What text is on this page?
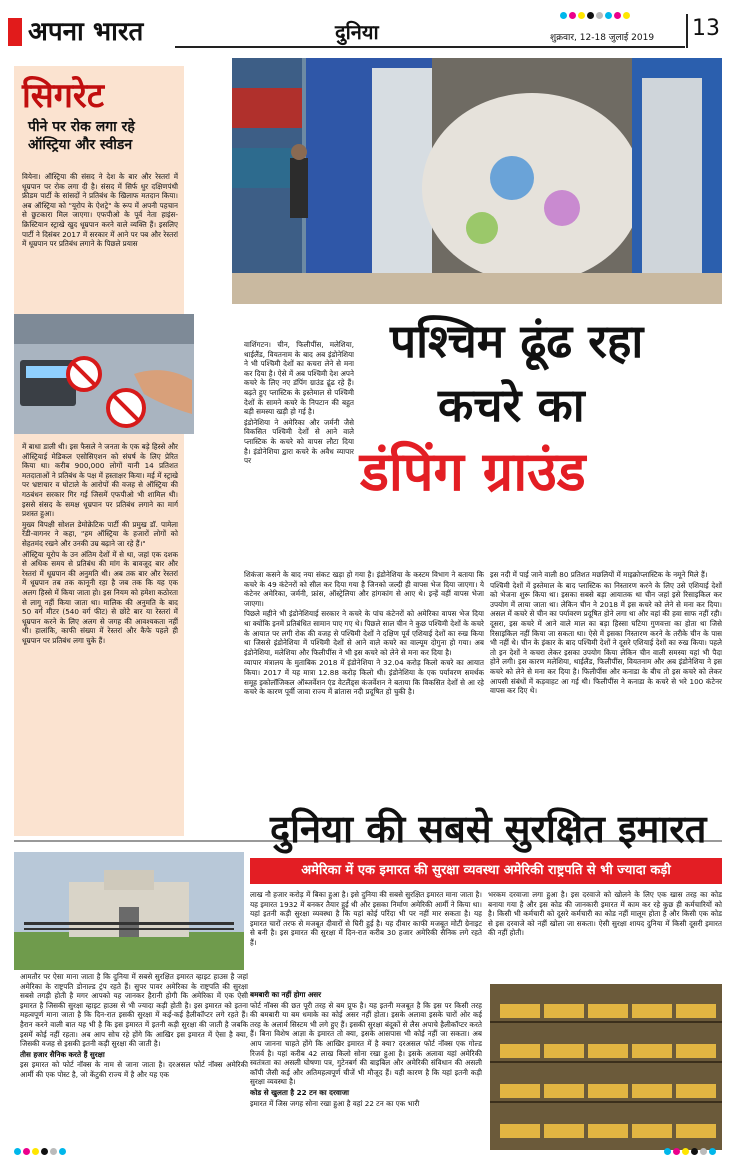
अपना भारत	दुनिया	शुक्रवार, 12-18 जुलाई 2019 13
सिगरेट
पीने पर रोक लगा रहे ऑस्ट्रिया और स्वीडन

वियेना। ऑस्ट्रिया की संसद ने देश के बार और रेस्तरां में धूम्रपान पर रोक लगा दी है। संसद में सिर्फ धुर दक्षिणपंथी फ्रीडम पार्टी के सांसदों ने प्रतिबंध के खिलाफ मतदान किया। अब ऑस्ट्रिया को "यूरोप के ऐशट्रे" के रूप में अपनी पहचान से छुटकारा मिल जाएगा। एफपीओ के पूर्व नेता हाइंस-क्रिस्टियान स्ट्राखे खुद धूम्रपान करने वाले व्यक्ति हैं। इसलिए पार्टी ने दिसंबर 2017 में सरकार में आने पर पब और रेस्तरां में धूम्रपान पर प्रतिबंध लगाने के पिछले प्रयास

में बाधा डाली थी। इस फैसले ने जनता के एक बड़े हिस्से और ऑस्ट्रियाई मेडिकल एसोसिएशन को संघर्ष के लिए प्रेरित किया था। करीब 900,000 लोगों यानी 14 प्रतिशत मतदाताओं ने प्रतिबंध के पक्ष में हस्ताक्षर किया। मई में स्ट्राखे पर भ्रष्टाचार व घोटाले के आरोपों की वजह से ऑस्ट्रिया की गठबंधन सरकार गिर गई जिसमें एफपीओ भी शामिल थी। इससे संसद के समक्ष धूम्रपान पर प्रतिबंध लगाने का मार्ग प्रशस्त हुआ।

मुख्य विपक्षी सोशल डेमोक्रेटिक पार्टी की प्रमुख डॉ. पामेला रेंडी-वागनर ने कहा, "हम ऑस्ट्रिया के हजारों लोगों को सेहतमंद रखने और उनकी उम्र बढ़ाने जा रहे हैं।"

ऑस्ट्रिया यूरोप के उन अंतिम देशों में से था, जहां एक दशक से अधिक समय से प्रतिबंध की मांग के बावजूद बार और रेस्तरां में धूम्रपान की अनुमति थी। अब तक बार और रेस्तरां में धूम्रपान तब तक कानूनी रहा है जब तक कि यह एक अलग हिस्से में किया जाता हो। इस नियम को हमेशा कठोरता से लागू नहीं किया जाता था। मालिक की अनुमति के बाद 50 वर्ग मीटर (540 वर्ग फीट) से छोटे बार या रेस्तरां में धूम्रपान करने के लिए अलग से जगह की आवश्यकता नहीं थी। हालांकि, काफी संख्या में रेस्तरां और कैफे पहले ही धूम्रपान पर प्रतिबंध लगा चुके हैं।

पश्चिम ढूंढ रहा
कचरे का
डंपिंग ग्राउंड

वाशिंगटन। चीन, फिलीपींस, मलेशिया, थाईलैंड, वियतनाम के बाद अब इंडोनेशिया ने भी पश्चिमी देशों का कचरा लेने से मना कर दिया है। ऐसे में अब पश्चिमी देश अपने कचरे के लिए नए डंपिंग ग्राउंड ढूंढ रहे हैं। बढ़ते हुए प्लास्टिक के इस्तेमाल से पश्चिमी देशों के सामने कचरे के निपटान की बहुत बड़ी समस्या खड़ी हो गई है।

इंडोनेशिया ने अमेरिका और जर्मनी जैसे विकसित पश्चिमी देशों से आने वाले प्लास्टिक के कचरे को वापस लौटा दिया है। इंडोनेशिया द्वारा कचरे के अवैध व्यापार पर

शिकंजा कसने के बाद नया संकट खड़ा हो गया है। इंडोनेशिया के कस्टम विभाग ने बताया कि कचरे के 49 कंटेनरों को सील कर दिया गया है जिनको जल्दी ही वापस भेज दिया जाएगा। ये कंटेनर अमेरिका, जर्मनी, फ्रांस, ऑस्ट्रेलिया और हांगकांग से आए थे। इन्हें वहीं वापस भेजा जाएगा।

पिछले महीने भी इंडोनेशियाई सरकार ने कचरे के पांच कंटेनरों को अमेरिका वापस भेज दिया था क्योंकि इनमें प्रतिबंधित सामान पाए गए थे। पिछले साल चीन ने कुछ पश्चिमी देशों के कचरे के आयात पर लगी रोक की वजह से पश्चिमी देशों ने दक्षिण पूर्व एशियाई देशों का रुख किया था जिससे इंडोनेशिया में पश्चिमी देशों से आने वाले कचरे का वाल्यूम दोगुना हो गया। अब इंडोनेशिया, मलेशिया और फिलीपींस ने भी इस कचरे को लेने से मना कर दिया है।

व्यापार मंत्रालय के मुताबिक 2018 में इंडोनेशिया ने 32.04 करोड़ किलो कचरे का आयात किया। 2017 में यह मात्रा 12.88 करोड़ किलो थी। इंडोनेशिया के एक पर्यावरण समर्थक समूह इकोलॉजिकल ऑब्जर्वेशन एंड वेटलैंड्स कंजर्वेशन ने बताया कि विकसित देशों से आ रहे कचरे के कारण पूर्वी जावा राज्य में ब्रांतास नदी प्रदूषित हो चुकी है।

इस नदी में पाई जाने वाली 80 प्रतिशत मछलियों में माइक्रोप्लास्टिक के नमूने मिले हैं।

पश्चिमी देशों में इस्तेमाल के बाद प्लास्टिक का निस्तारण करने के लिए उसे एशियाई देशों को भेजना शुरू किया था। इसका सबसे बड़ा आयातक था चीन जहां इसे रिसाइकिल कर उपयोग में लाया जाता था। लेकिन चीन ने 2018 में इस कचरे को लेने से मना कर दिया। असल में कचरे से चीन का पर्यावरण प्रदूषित होने लगा था और वहां की हवा साफ नहीं रही। दूसरा, इस कचरे में आने वाले माल का बड़ा हिस्सा घटिया गुणवत्ता का होता था जिसे रिसाइकिल नहीं किया जा सकता था। ऐसे में इसका निस्तारण करने के तरीके चीन के पास भी नहीं थे। चीन के इंकार के बाद पश्चिमी देशों ने दूसरे एशियाई देशों का रुख किया। पहले तो इन देशों ने कचरा लेकर इसका उपयोग किया लेकिन चीन वाली समस्या यहां भी पैदा होने लगी। इस कारण मलेशिया, थाईलैंड, फिलीपींस, वियतनाम और अब इंडोनेशिया ने इस कचरे को लेने से मना कर दिया है। फिलीपींस और कनाडा के बीच तो इस कचरे को लेकर आपसी संबंधों में कड़वाहट आ गई थी। फिलीपींस ने कनाडा के कचरे से भरे 100 कंटेनर वापस कर दिए थे।

दुनिया की सबसे सुरक्षित इमारत
अमेरिका में एक इमारत की सुरक्षा व्यवस्था अमेरिकी राष्ट्रपति से भी ज्यादा कड़ी

लाख नौ हजार करोड़ में बिका हुआ है। इसे दुनिया की सबसे सुरक्षित इमारत माना जाता है। यह इमारत 1932 में बनकर तैयार हुई थी और इसका निर्माण अमेरिकी आर्मी ने किया था। यहां इतनी कड़ी सुरक्षा व्यवस्था है कि यहां कोई परिंदा भी पर नहीं मार सकता है। यह इमारत चारों तरफ से मजबूत दीवारों से घिरी हुई है। यह दीवार काफी मजबूत मोटी ग्रेनाइट से बनी है। इस इमारत की सुरक्षा में दिन-रात करीब 30 हजार अमेरिकी सैनिक लगे रहते हैं।

भरकम दरवाजा लगा हुआ है। इस दरवाजे को खोलने के लिए एक खास तरह का कोड बनाया गया है और इस कोड की जानकारी इमारत में काम कर रहे कुछ ही कर्मचारियों को है। किसी भी कर्मचारी को दूसरे कर्मचारी का कोड नहीं मालूम होता है और किसी एक कोड से इस दरवाजे को नहीं खोला जा सकता। ऐसी सुरक्षा शायद दुनिया में किसी दूसरी इमारत की नहीं होती।

आमतौर पर ऐसा माना जाता है कि दुनिया में सबसे सुरक्षित इमारत व्हाइट हाउस है जहां अमेरिका के राष्ट्रपति डोनाल्ड ट्रंप रहते हैं। सुपर पावर अमेरिका के राष्ट्रपति की सुरक्षा सबसे तगड़ी होती है मगर आपको यह जानकर हैरानी होगी कि अमेरिका में एक ऐसी इमारत है जिसकी सुरक्षा व्हाइट हाउस से भी ज्यादा कड़ी होती है। इस इमारत को इतना महत्वपूर्ण माना जाता है कि दिन-रात इसकी सुरक्षा में कई-कई हैलीकॉप्टर लगे रहते हैं। हैरान करने वाली बात यह भी है कि इस इमारत में इतनी कड़ी सुरक्षा की जाती है जबकि इसमें कोई नहीं रहता। अब आप सोच रहे होंगे कि आखिर इस इमारत में ऐसा है क्या, जिसकी वजह से इसकी इतनी कड़ी सुरक्षा की जाती है।

तीस हजार सैनिक करते हैं सुरक्षा

इस इमारत को फोर्ट नॉक्स के नाम से जाना जाता है। दरअसल फोर्ट नॉक्स अमेरिकी आर्मी की एक पोस्ट है, जो केंटुकी राज्य में है और यह एक

बमबारी का नहीं होगा असर

फोर्ट नॉक्स की छत पूरी तरह से बम प्रूफ है। यह इतनी मजबूत है कि इस पर किसी तरह की बमबारी या बम धमाके का कोई असर नहीं होता। इसके अलावा इसके चारों ओर कई तरह के अलार्म सिस्टम भी लगे हुए हैं। इसकी सुरक्षा बंदूकों से लैस अपाचे हैलीकॉप्टर करते हैं। बिना विशेष आज्ञा के इमारत तो क्या, इसके आसपास भी कोई नहीं जा सकता। अब आप जानना चाहते होंगे कि आखिर इमारत में है क्या? दरअसल फोर्ट नॉक्स एक गोल्ड रिजर्व है। यहां करीब 42 लाख किलो सोना रखा हुआ है। इसके अलावा यहां अमेरिकी स्वतंत्रता का असली घोषणा पत्र, गुटेनबर्ग की बाइबिल और अमेरिकी संविधान की असली कॉपी जैसी कई और अतिमहत्वपूर्ण चीजें भी मौजूद हैं। यही कारण है कि यहां इतनी कड़ी सुरक्षा व्यवस्था है।

कोड से खुलता है 22 टन का दरवाजा

इमारत में जिस जगह सोना रखा हुआ है वहां 22 टन का एक भारी
